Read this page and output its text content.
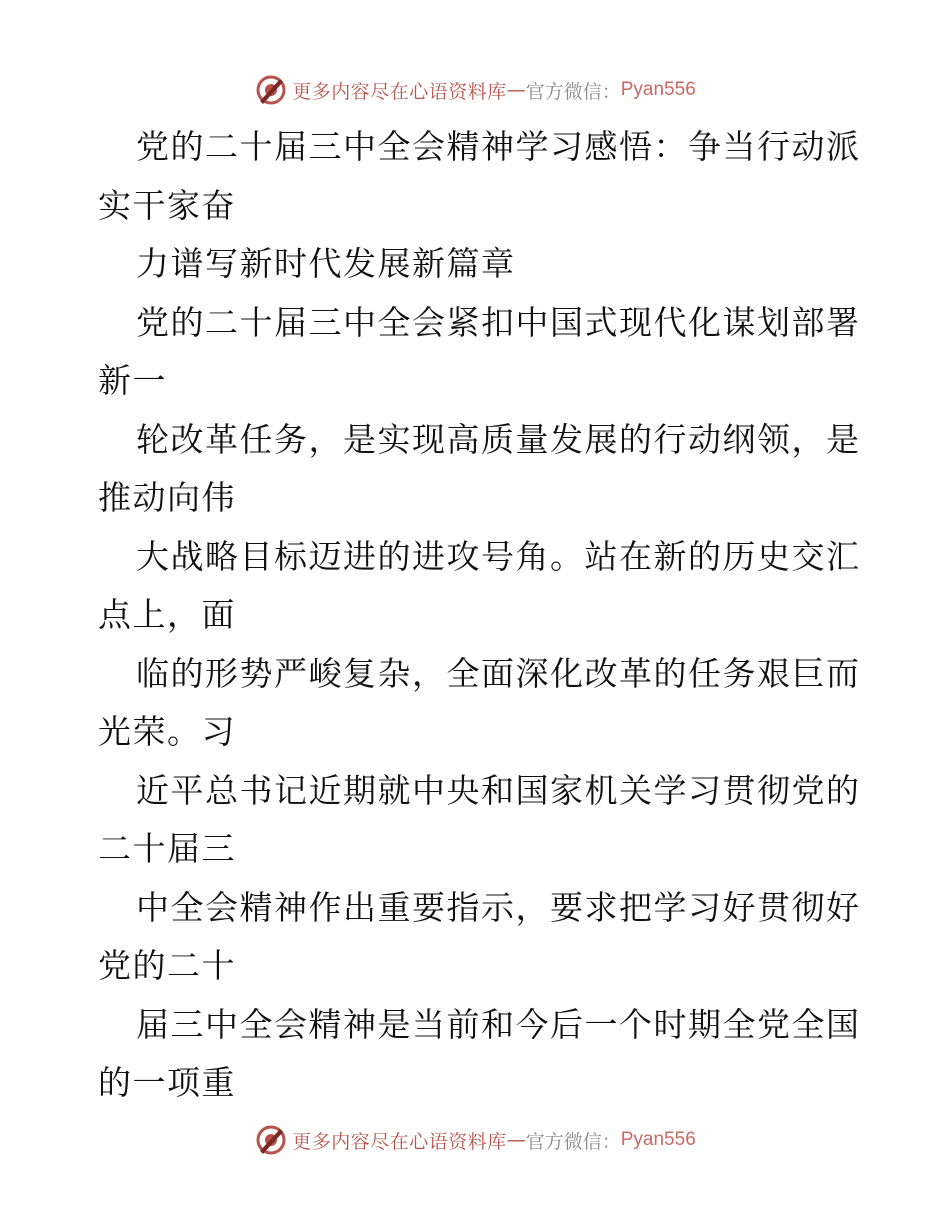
更多内容尽在心语资料库 — 官方微信： Pyan556
党的二十届三中全会精神学习感悟：争当行动派
实干家奋
力谱写新时代发展新篇章
党的二十届三中全会紧扣中国式现代化谋划部署
新一
轮改革任务，是实现高质量发展的行动纲领，是
推动向伟
大战略目标迈进的进攻号角。站在新的历史交汇
点上，面
临的形势严峻复杂，全面深化改革的任务艰巨而
光荣。习
近平总书记近期就中央和国家机关学习贯彻党的
二十届三
中全会精神作出重要指示，要求把学习好贯彻好
党的二十
届三中全会精神是当前和今后一个时期全党全国
的一项重
更多内容尽在心语资料库 — 官方微信： Pyan556
